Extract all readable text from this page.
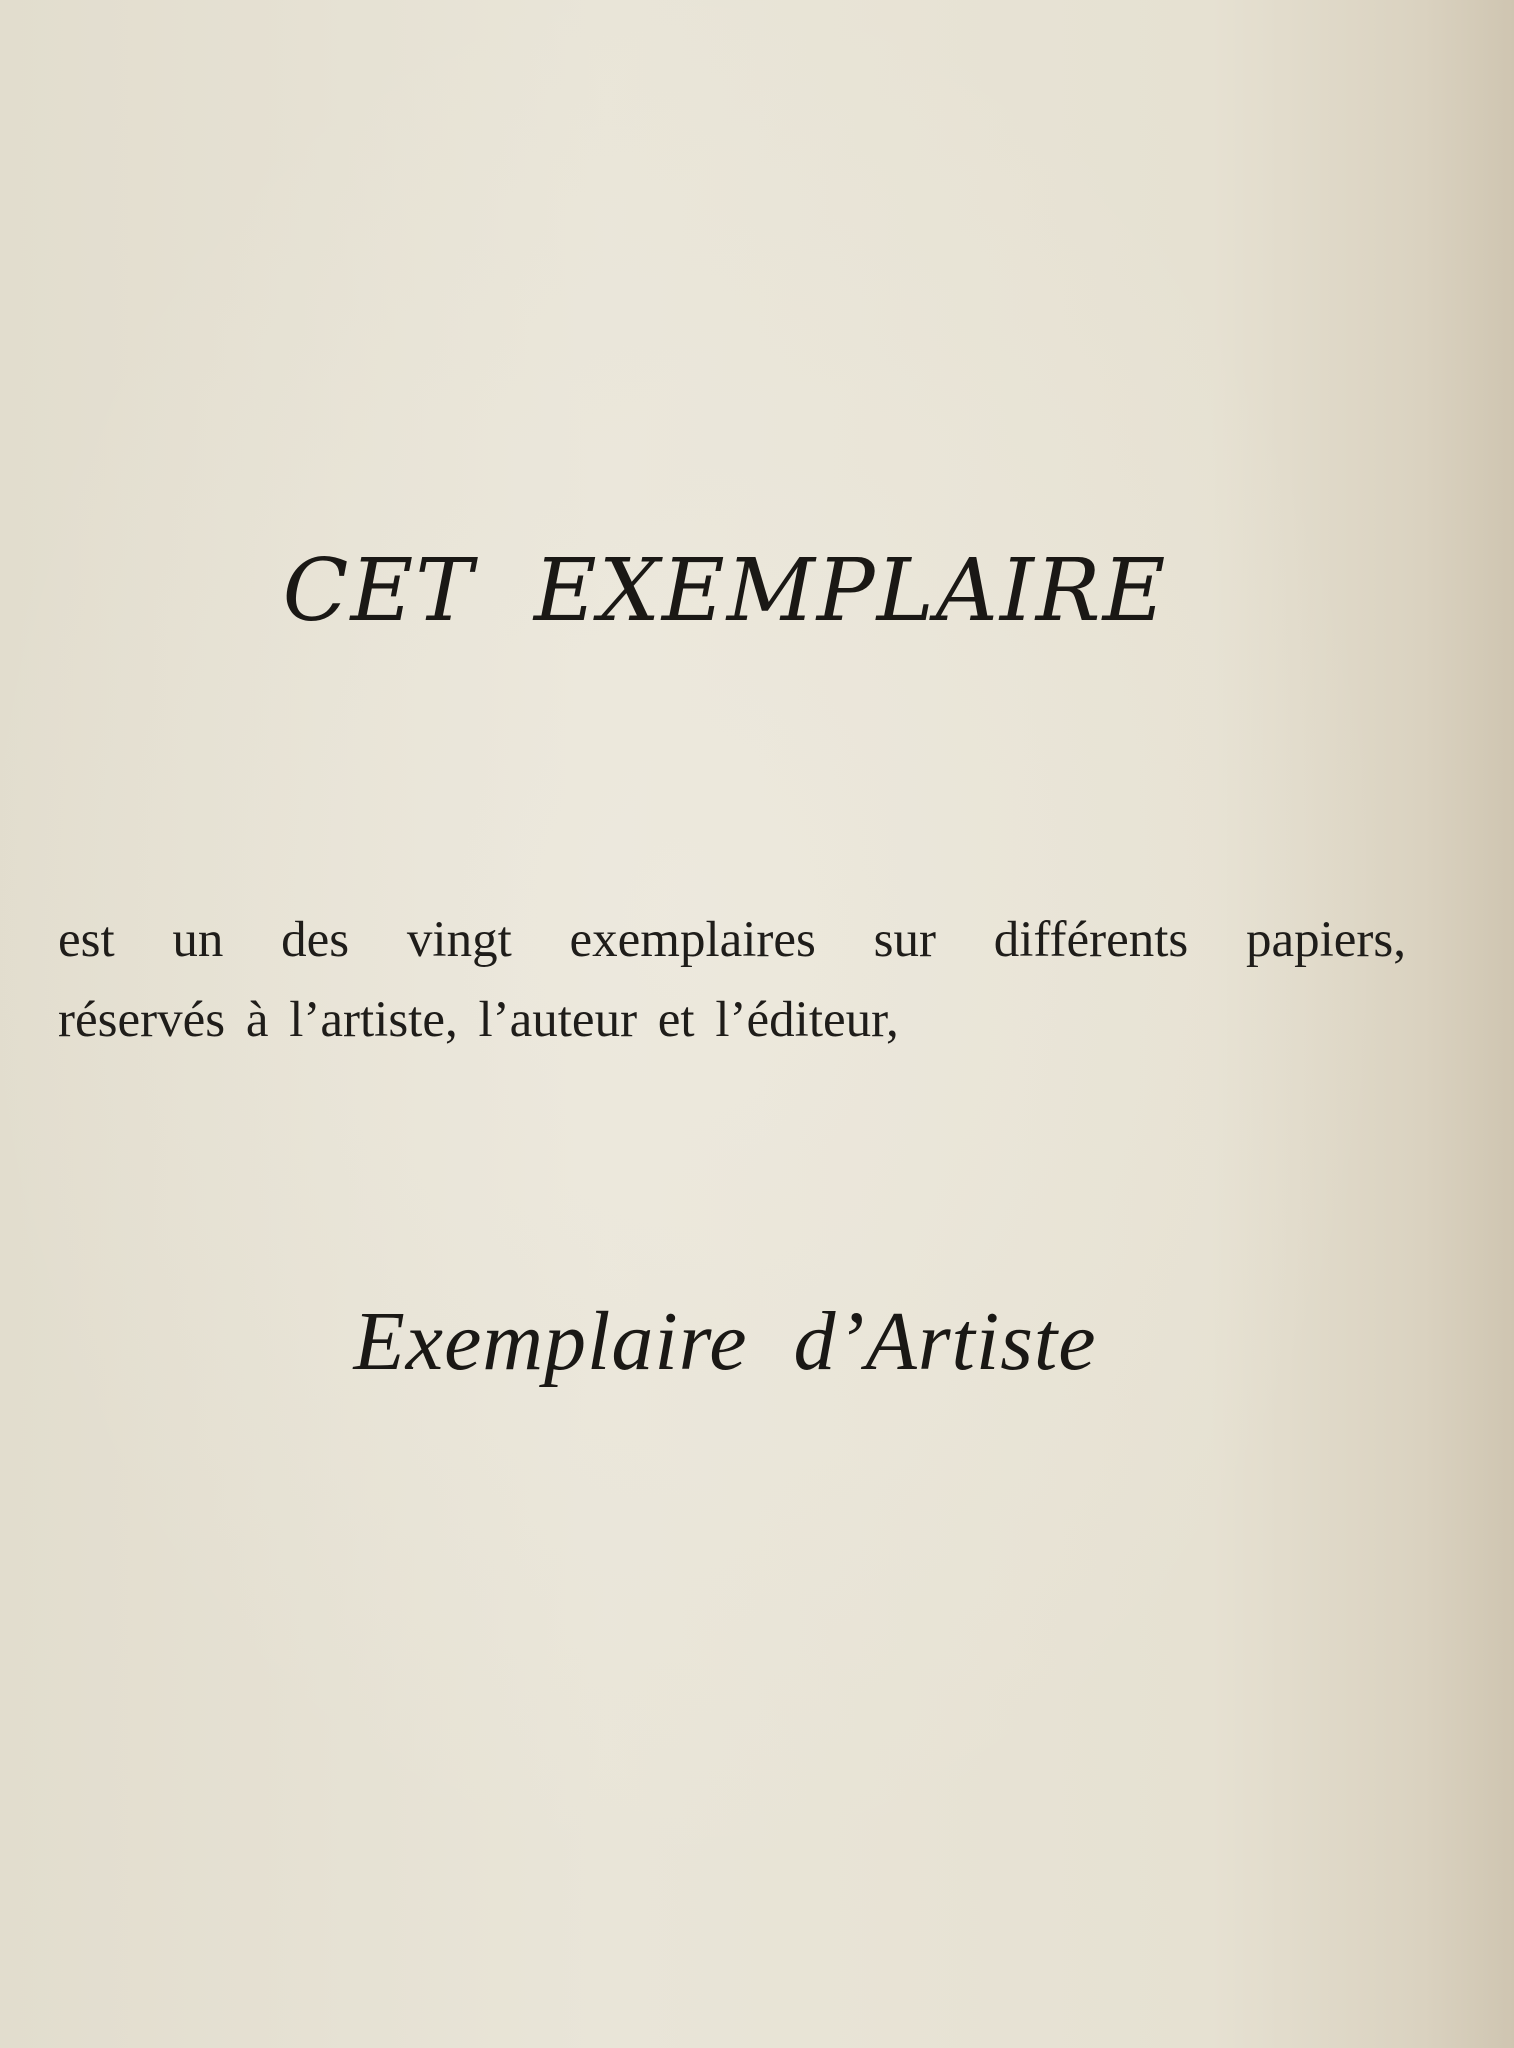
CET EXEMPLAIRE
est un des vingt exemplaires sur différents papiers,
réservés à l’artiste, l’auteur et l’éditeur,
Exemplaire d’Artiste
